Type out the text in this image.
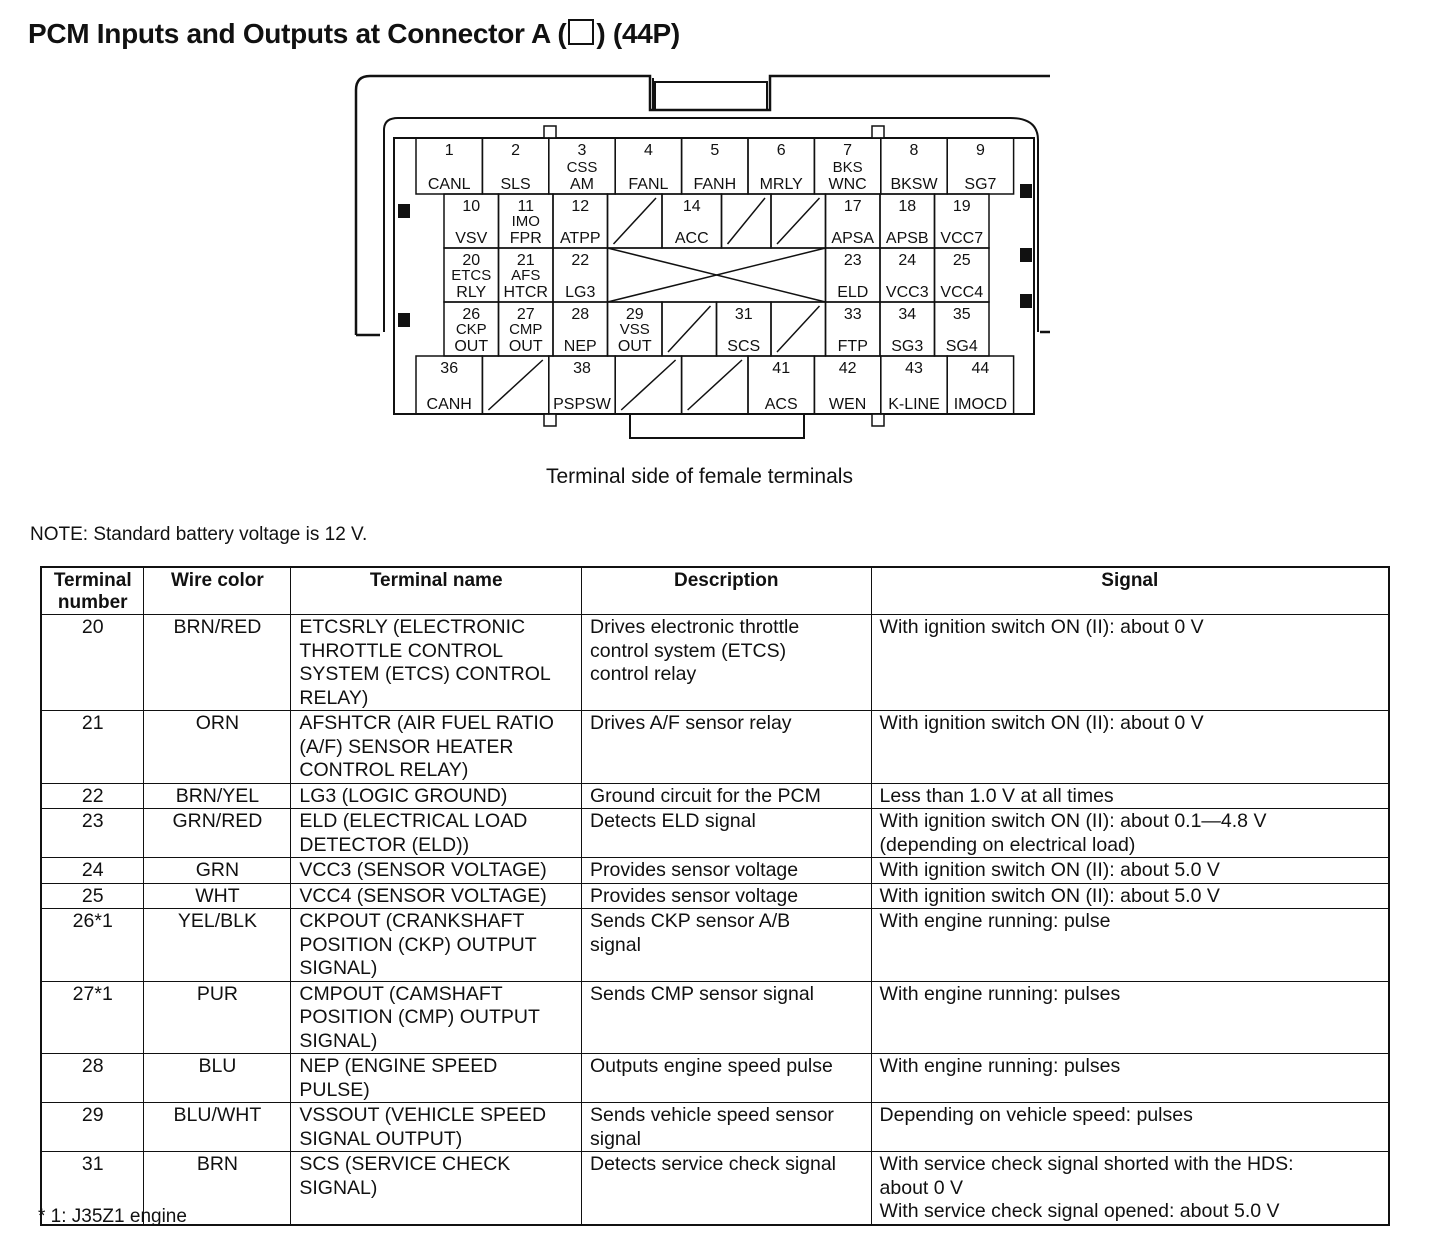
PCM Inputs and Outputs at Connector A ( ) (44P)
1
CANL
2
SLS
3
CSS
AM
4
FANL
5
FANH
6
MRLY
7
BKS
WNC
8
BKSW
9
SG7
10
VSV
11
IMO
FPR
12
ATPP
14
ACC
17
APSA
18
APSB
19
VCC7
20
ETCS
RLY
21
AFS
HTCR
22
LG3
23
ELD
24
VCC3
25
VCC4
26
CKP
OUT
27
CMP
OUT
28
NEP
29
VSS
OUT
31
SCS
33
FTP
34
SG3
35
SG4
36
CANH
38
PSPSW
41
ACS
42
WEN
43
K-LINE
44
IMOCD
Terminal side of female terminals
NOTE: Standard battery voltage is 12 V.
Terminal
number	Wire color	Terminal name	Description	Signal
20	BRN/RED	ETCSRLY (ELECTRONIC
THROTTLE CONTROL
SYSTEM (ETCS) CONTROL
RELAY)	Drives electronic throttle
control system (ETCS)
control relay	With ignition switch ON (II): about 0 V
21	ORN	AFSHTCR (AIR FUEL RATIO
(A/F) SENSOR HEATER
CONTROL RELAY)	Drives A/F sensor relay	With ignition switch ON (II): about 0 V
22	BRN/YEL	LG3 (LOGIC GROUND)	Ground circuit for the PCM	Less than 1.0 V at all times
23	GRN/RED	ELD (ELECTRICAL LOAD
DETECTOR (ELD))	Detects ELD signal	With ignition switch ON (II): about 0.1—4.8 V
(depending on electrical load)
24	GRN	VCC3 (SENSOR VOLTAGE)	Provides sensor voltage	With ignition switch ON (II): about 5.0 V
25	WHT	VCC4 (SENSOR VOLTAGE)	Provides sensor voltage	With ignition switch ON (II): about 5.0 V
26*1	YEL/BLK	CKPOUT (CRANKSHAFT
POSITION (CKP) OUTPUT
SIGNAL)	Sends CKP sensor A/B
signal	With engine running: pulse
27*1	PUR	CMPOUT (CAMSHAFT
POSITION (CMP) OUTPUT
SIGNAL)	Sends CMP sensor signal	With engine running: pulses
28	BLU	NEP (ENGINE SPEED
PULSE)	Outputs engine speed pulse	With engine running: pulses
29	BLU/WHT	VSSOUT (VEHICLE SPEED
SIGNAL OUTPUT)	Sends vehicle speed sensor
signal	Depending on vehicle speed: pulses
31	BRN	SCS (SERVICE CHECK
SIGNAL)	Detects service check signal	With service check signal shorted with the HDS:
about 0 V
With service check signal opened: about 5.0 V
* 1: J35Z1 engine
